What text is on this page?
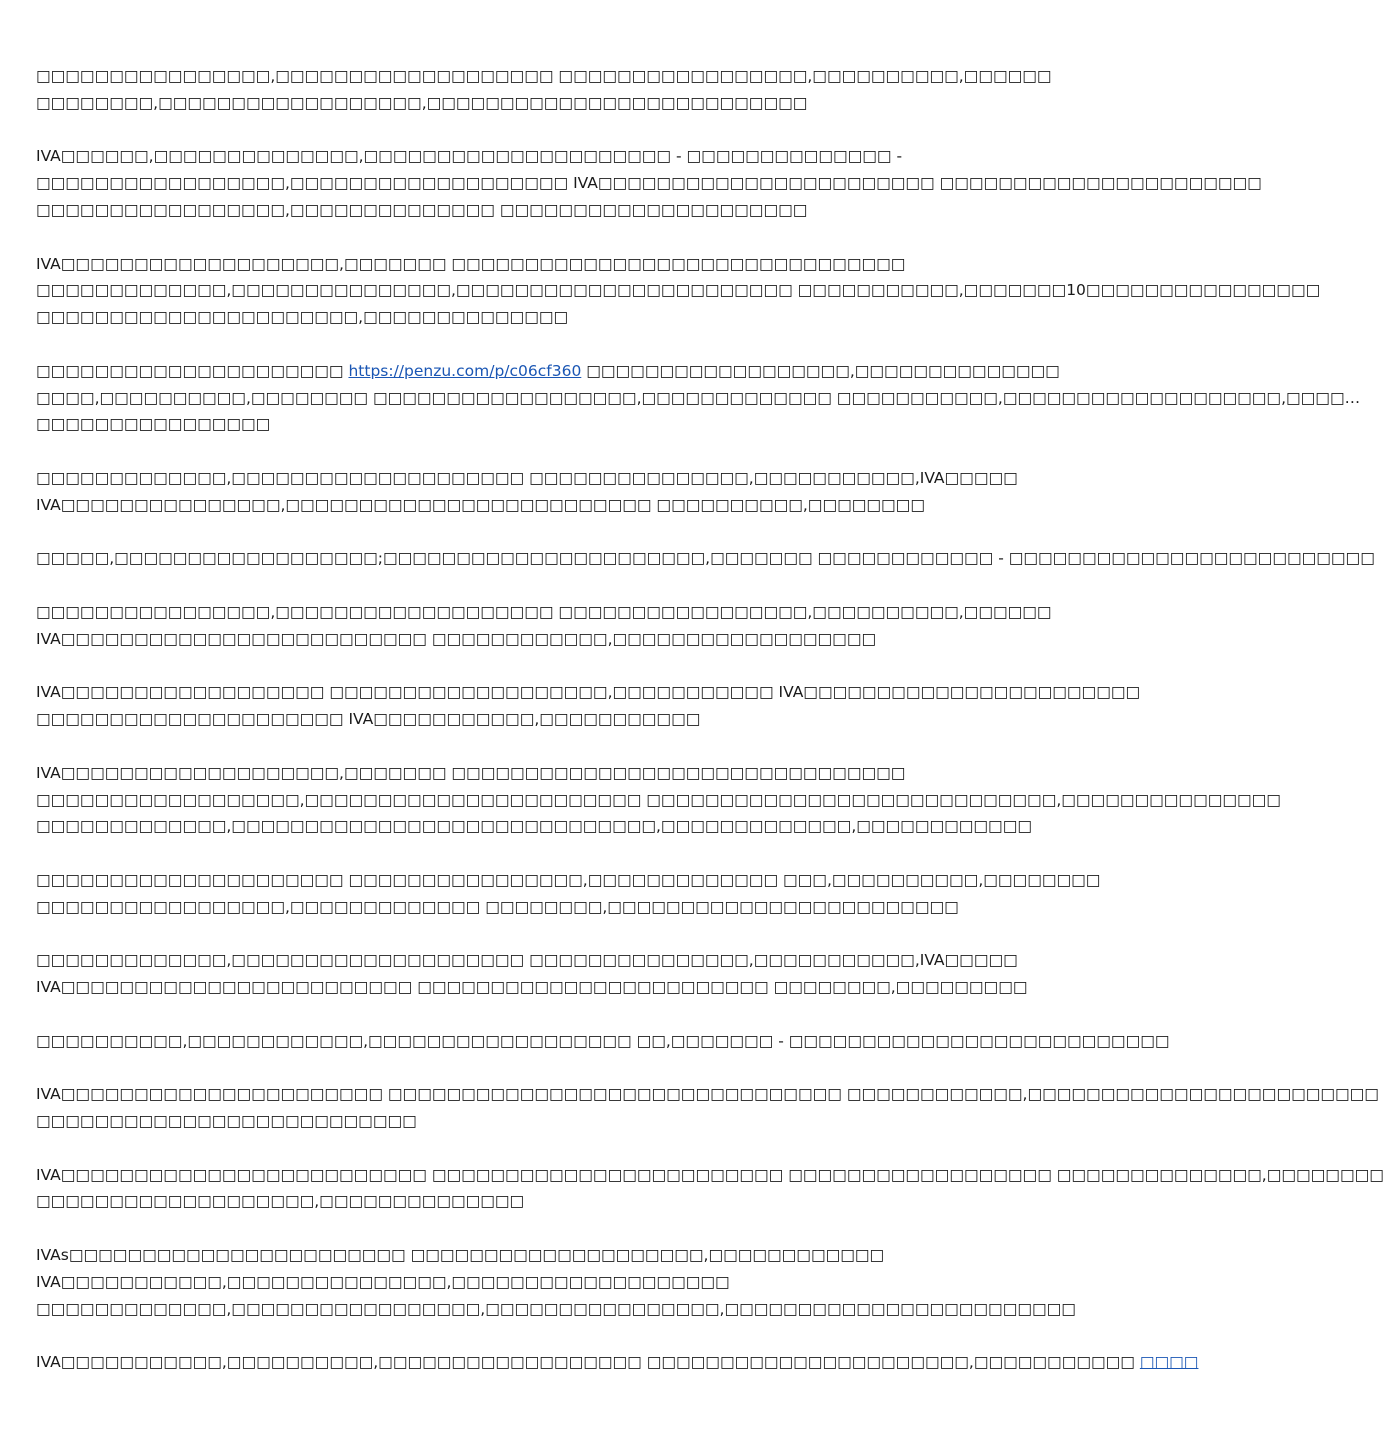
□□□□□□□□□□□□□□□□,□□□□□□□□□□□□□□□□□□□ □□□□□□□□□□□□□□□□□,□□□□□□□□□□,□□□□□□
□□□□□□□□,□□□□□□□□□□□□□□□□□□,□□□□□□□□□□□□□□□□□□□□□□□□□□

IVA□□□□□□,□□□□□□□□□□□□□□,□□□□□□□□□□□□□□□□□□□□□ - □□□□□□□□□□□□□□ -
□□□□□□□□□□□□□□□□□,□□□□□□□□□□□□□□□□□□□ IVA□□□□□□□□□□□□□□□□□□□□□□□ □□□□□□□□□□□□□□□□□□□□□□
□□□□□□□□□□□□□□□□□,□□□□□□□□□□□□□□ □□□□□□□□□□□□□□□□□□□□□

IVA□□□□□□□□□□□□□□□□□□□,□□□□□□□ □□□□□□□□□□□□□□□□□□□□□□□□□□□□□□□
□□□□□□□□□□□□□,□□□□□□□□□□□□□□□,□□□□□□□□□□□□□□□□□□□□□□□ □□□□□□□□□□□,□□□□□□□10□□□□□□□□□□□□□□□□
□□□□□□□□□□□□□□□□□□□□□□,□□□□□□□□□□□□□□

□□□□□□□□□□□□□□□□□□□□□ https://penzu.com/p/c06cf360 □□□□□□□□□□□□□□□□□□,□□□□□□□□□□□□□□
□□□□,□□□□□□□□□□,□□□□□□□□ □□□□□□□□□□□□□□□□□□,□□□□□□□□□□□□□ □□□□□□□□□□□,□□□□□□□□□□□□□□□□□□□,□□□□…
□□□□□□□□□□□□□□□□

□□□□□□□□□□□□□,□□□□□□□□□□□□□□□□□□□□ □□□□□□□□□□□□□□□,□□□□□□□□□□□,IVA□□□□□
IVA□□□□□□□□□□□□□□□,□□□□□□□□□□□□□□□□□□□□□□□□□ □□□□□□□□□□,□□□□□□□□

□□□□□,□□□□□□□□□□□□□□□□□□;□□□□□□□□□□□□□□□□□□□□□□,□□□□□□□ □□□□□□□□□□□□ - □□□□□□□□□□□□□□□□□□□□□□□□□

□□□□□□□□□□□□□□□□,□□□□□□□□□□□□□□□□□□□ □□□□□□□□□□□□□□□□□,□□□□□□□□□□,□□□□□□
IVA□□□□□□□□□□□□□□□□□□□□□□□□□ □□□□□□□□□□□□,□□□□□□□□□□□□□□□□□□

IVA□□□□□□□□□□□□□□□□□□ □□□□□□□□□□□□□□□□□□□,□□□□□□□□□□□ IVA□□□□□□□□□□□□□□□□□□□□□□□
□□□□□□□□□□□□□□□□□□□□□ IVA□□□□□□□□□□□,□□□□□□□□□□□

IVA□□□□□□□□□□□□□□□□□□□,□□□□□□□ □□□□□□□□□□□□□□□□□□□□□□□□□□□□□□□
□□□□□□□□□□□□□□□□□□,□□□□□□□□□□□□□□□□□□□□□□□ □□□□□□□□□□□□□□□□□□□□□□□□□□□□,□□□□□□□□□□□□□□□
□□□□□□□□□□□□□,□□□□□□□□□□□□□□□□□□□□□□□□□□□□□,□□□□□□□□□□□□□,□□□□□□□□□□□□

□□□□□□□□□□□□□□□□□□□□□ □□□□□□□□□□□□□□□□,□□□□□□□□□□□□□ □□□,□□□□□□□□□□,□□□□□□□□
□□□□□□□□□□□□□□□□□,□□□□□□□□□□□□□ □□□□□□□□,□□□□□□□□□□□□□□□□□□□□□□□□

□□□□□□□□□□□□□,□□□□□□□□□□□□□□□□□□□□ □□□□□□□□□□□□□□□,□□□□□□□□□□□,IVA□□□□□
IVA□□□□□□□□□□□□□□□□□□□□□□□□ □□□□□□□□□□□□□□□□□□□□□□□□ □□□□□□□□,□□□□□□□□□

□□□□□□□□□□,□□□□□□□□□□□□,□□□□□□□□□□□□□□□□□□ □□,□□□□□□□ - □□□□□□□□□□□□□□□□□□□□□□□□□□

IVA□□□□□□□□□□□□□□□□□□□□□□ □□□□□□□□□□□□□□□□□□□□□□□□□□□□□□□ □□□□□□□□□□□□,□□□□□□□□□□□□□□□□□□□□□□□□
□□□□□□□□□□□□□□□□□□□□□□□□□□

IVA□□□□□□□□□□□□□□□□□□□□□□□□□ □□□□□□□□□□□□□□□□□□□□□□□□ □□□□□□□□□□□□□□□□□□ □□□□□□□□□□□□□□,□□□□□□□□
□□□□□□□□□□□□□□□□□□□,□□□□□□□□□□□□□□

IVAs□□□□□□□□□□□□□□□□□□□□□□□ □□□□□□□□□□□□□□□□□□□□,□□□□□□□□□□□□
IVA□□□□□□□□□□□,□□□□□□□□□□□□□□□,□□□□□□□□□□□□□□□□□□□
□□□□□□□□□□□□□,□□□□□□□□□□□□□□□□□,□□□□□□□□□□□□□□□□,□□□□□□□□□□□□□□□□□□□□□□□□

IVA□□□□□□□□□□□,□□□□□□□□□□,□□□□□□□□□□□□□□□□□□ □□□□□□□□□□□□□□□□□□□□□□,□□□□□□□□□□□ □□□□
